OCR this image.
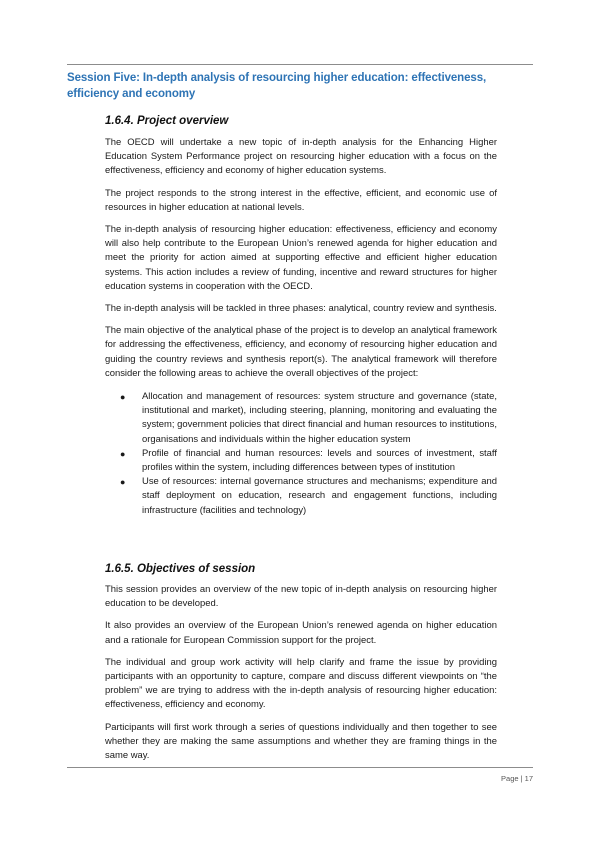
Session Five: In-depth analysis of resourcing higher education: effectiveness, efficiency and economy
1.6.4. Project overview

The OECD will undertake a new topic of in-depth analysis for the Enhancing Higher Education System Performance project on resourcing higher education with a focus on the effectiveness, efficiency and economy of higher education systems.

The project responds to the strong interest in the effective, efficient, and economic use of resources in higher education at national levels.

The in-depth analysis of resourcing higher education: effectiveness, efficiency and economy will also help contribute to the European Union’s renewed agenda for higher education and meet the priority for action aimed at supporting effective and efficient higher education systems. This action includes a review of funding, incentive and reward structures for higher education systems in cooperation with the OECD.

The in-depth analysis will be tackled in three phases: analytical, country review and synthesis.

The main objective of the analytical phase of the project is to develop an analytical framework for addressing the effectiveness, efficiency, and economy of resourcing higher education and guiding the country reviews and synthesis report(s). The analytical framework will therefore consider the following areas to achieve the overall objectives of the project:

● Allocation and management of resources: system structure and governance (state, institutional and market), including steering, planning, monitoring and evaluating the system; government policies that direct financial and human resources to institutions, organisations and individuals within the higher education system
● Profile of financial and human resources: levels and sources of investment, staff profiles within the system, including differences between types of institution
● Use of resources: internal governance structures and mechanisms; expenditure and staff deployment on education, research and engagement functions, including infrastructure (facilities and technology)
1.6.5. Objectives of session

This session provides an overview of the new topic of in-depth analysis on resourcing higher education to be developed.

It also provides an overview of the European Union’s renewed agenda on higher education and a rationale for European Commission support for the project.

The individual and group work activity will help clarify and frame the issue by providing participants with an opportunity to capture, compare and discuss different viewpoints on “the problem” we are trying to address with the in-depth analysis of resourcing higher education: effectiveness, efficiency and economy.

Participants will first work through a series of questions individually and then together to see whether they are making the same assumptions and whether they are framing things in the same way.

Page | 17
